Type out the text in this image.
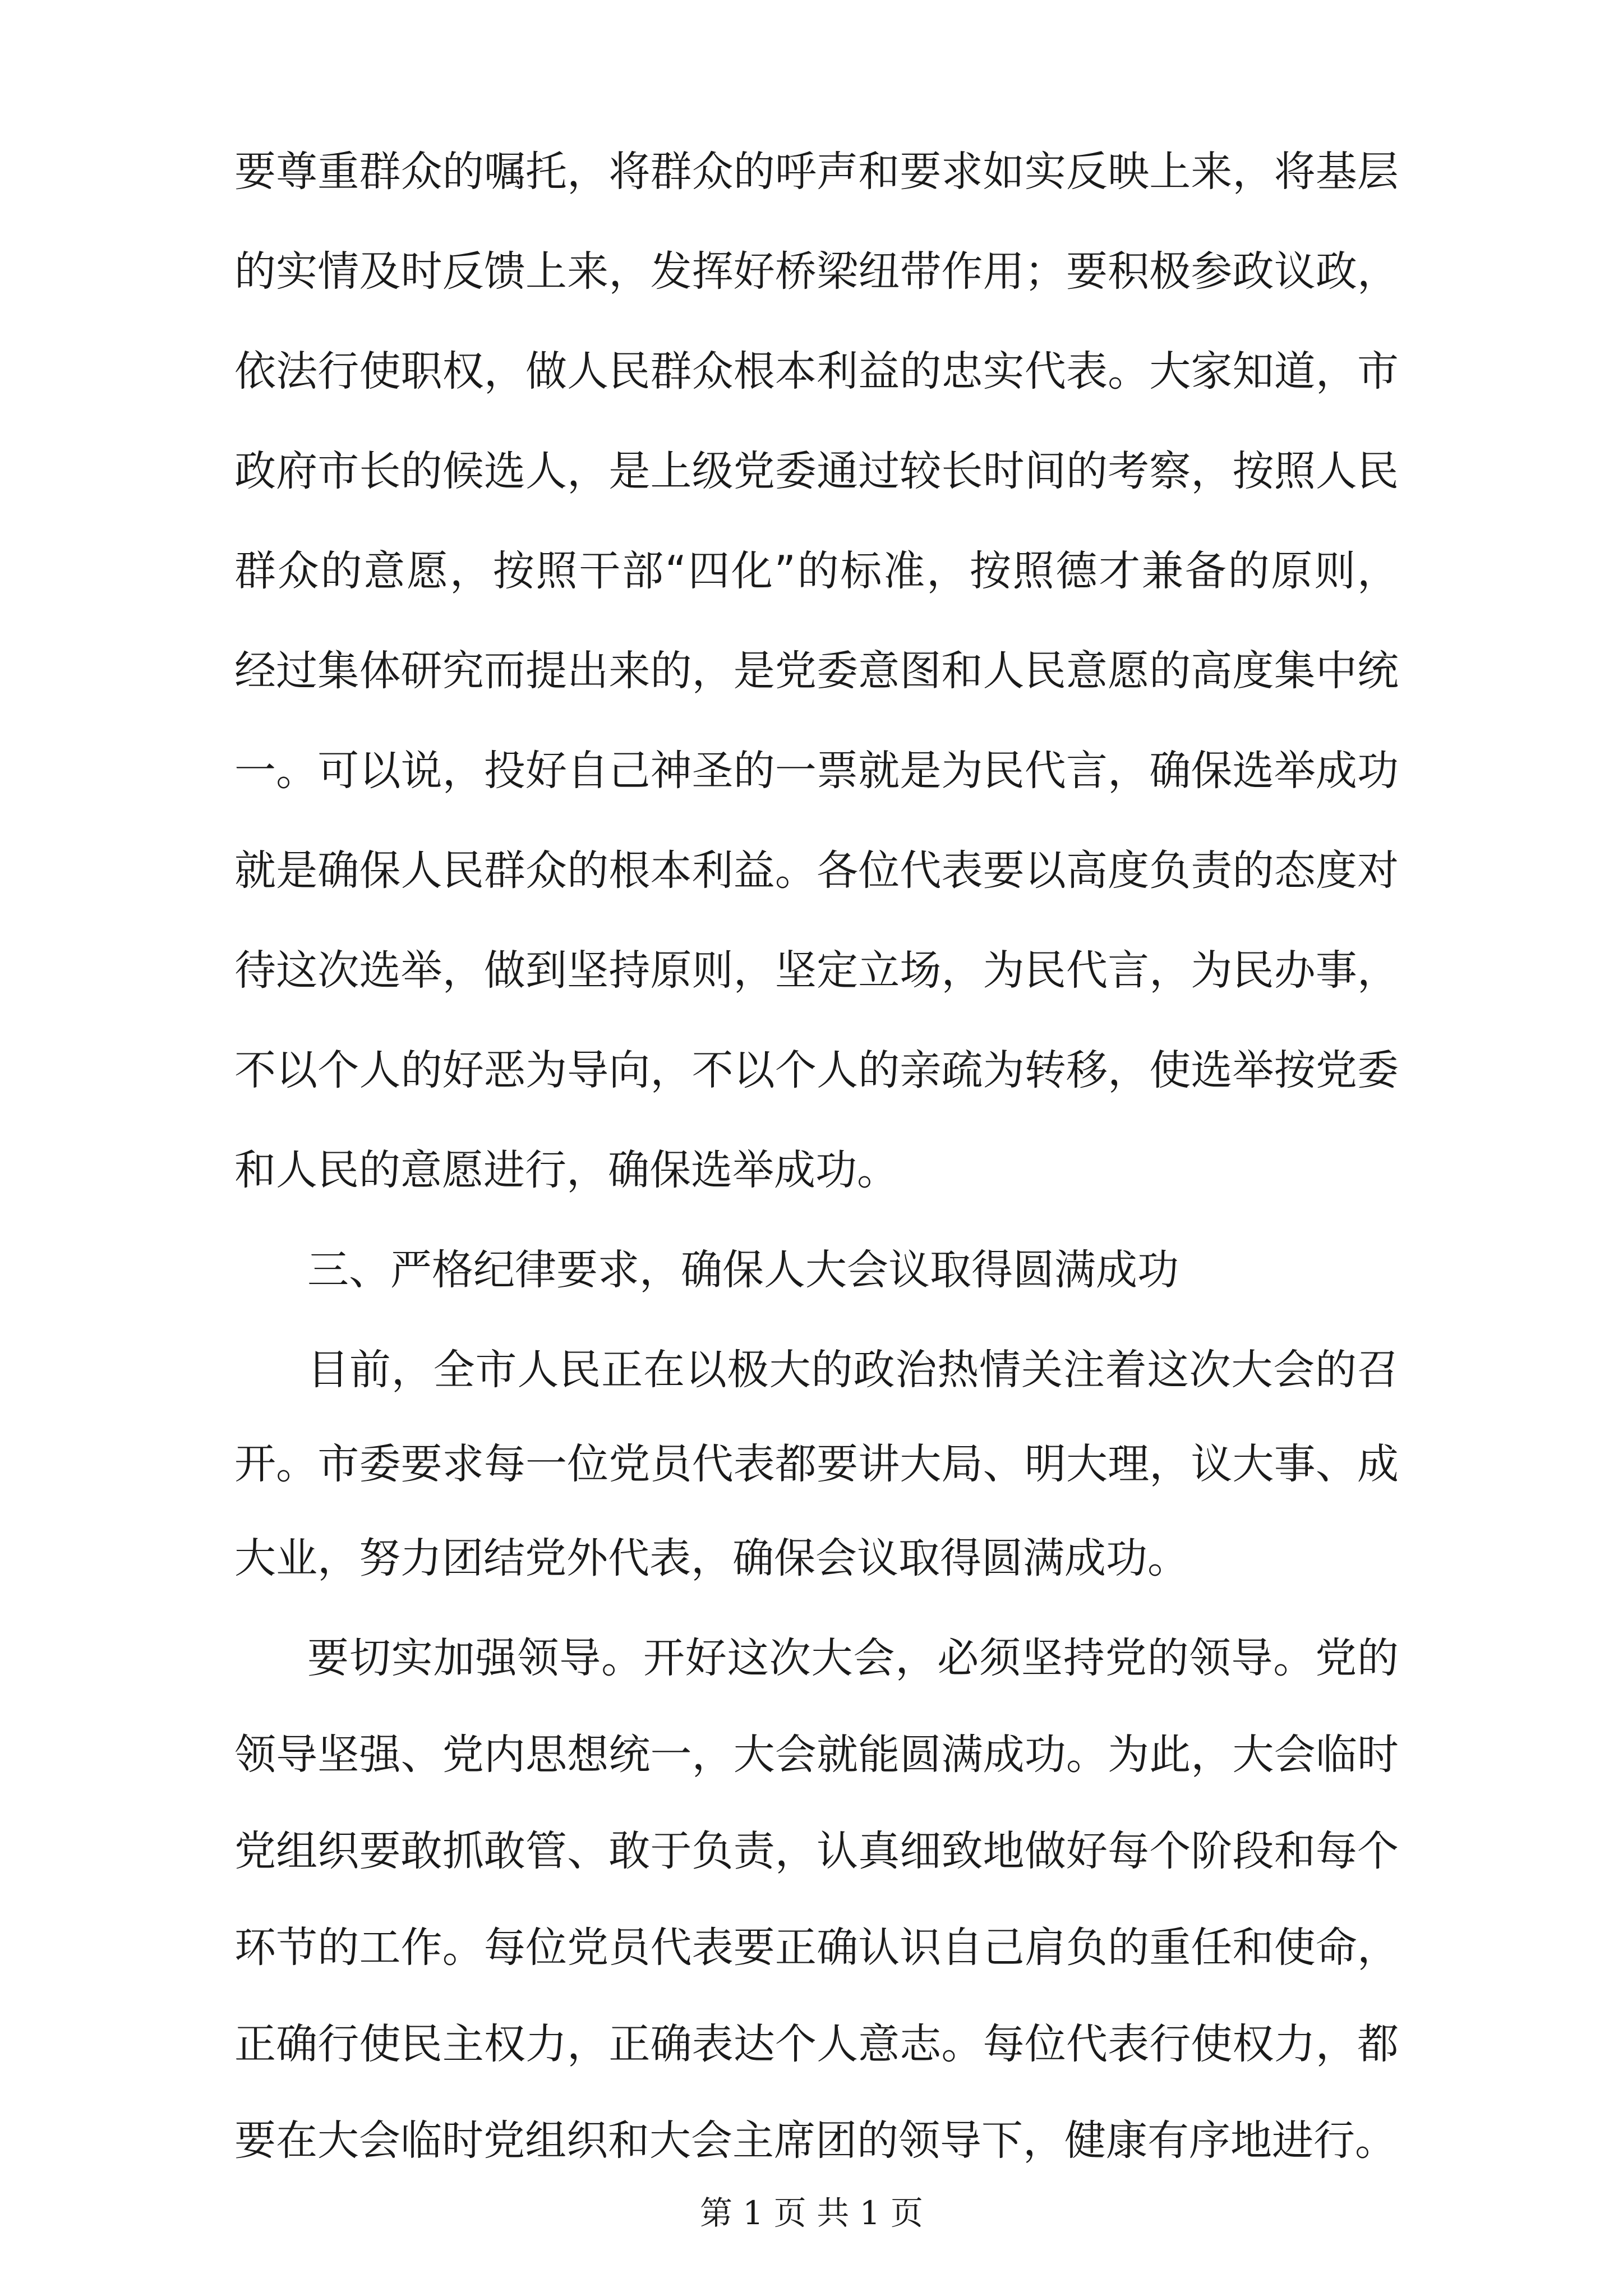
要尊重群众的嘱托，将群众的呼声和要求如实反映上来，将基层
的实情及时反馈上来，发挥好桥梁纽带作用；要积极参政议政，
依法行使职权，做人民群众根本利益的忠实代表。大家知道，市
政府市长的候选人，是上级党委通过较长时间的考察，按照人民
群众的意愿，按照干部“四化”的标准，按照德才兼备的原则，
经过集体研究而提出来的，是党委意图和人民意愿的高度集中统
一。可以说，投好自己神圣的一票就是为民代言，确保选举成功
就是确保人民群众的根本利益。各位代表要以高度负责的态度对
待这次选举，做到坚持原则，坚定立场，为民代言，为民办事，
不以个人的好恶为导向，不以个人的亲疏为转移，使选举按党委
和人民的意愿进行，确保选举成功。
三、严格纪律要求，确保人大会议取得圆满成功
目前，全市人民正在以极大的政治热情关注着这次大会的召
开。市委要求每一位党员代表都要讲大局、明大理，议大事、成
大业，努力团结党外代表，确保会议取得圆满成功。
要切实加强领导。开好这次大会，必须坚持党的领导。党的
领导坚强、党内思想统一，大会就能圆满成功。为此，大会临时
党组织要敢抓敢管、敢于负责，认真细致地做好每个阶段和每个
环节的工作。每位党员代表要正确认识自己肩负的重任和使命，
正确行使民主权力，正确表达个人意志。每位代表行使权力，都
要在大会临时党组织和大会主席团的领导下，健康有序地进行。
第 1 页 共 1 页
